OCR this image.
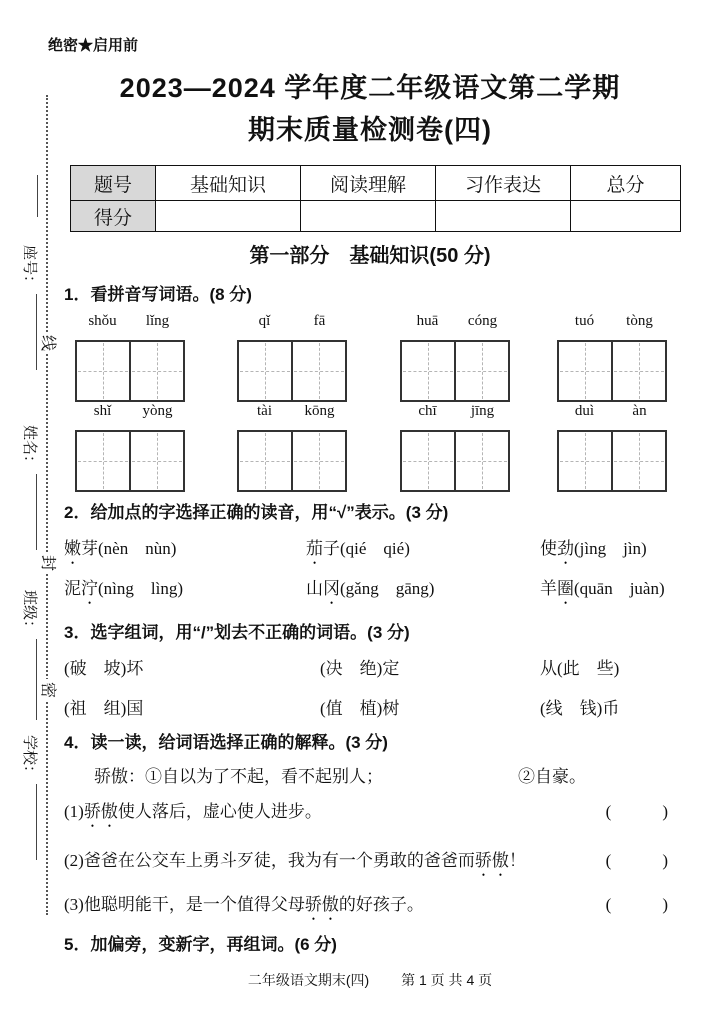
线
封
密
座号：
姓名：
班级：
学校：
绝密★启用前
2023—2024 学年度二年级语文第二学期
期末质量检测卷(四)
题号	基础知识	阅读理解	习作表达	总分
得分				
第一部分　基础知识(50 分)
1．看拼音写词语。(8 分)
shǒu	lǐng	qǐ	fā	huā	cóng	tuó	tòng
shǐ	yòng	tài	kōng	chī	jīng	duì	àn
2．给加点的字选择正确的读音，用“√”表示。(3 分)
嫩芽(nèn　nùn)	茄子(qié　qié)	使劲(jìng　jìn)
泥泞(nìng　lìng)	山冈(gǎng　gāng)	羊圈(quān　juàn)
3．选字组词，用“/”划去不正确的词语。(3 分)
(破　坡)坏	(决　绝)定	从(此　些)
(祖　组)国	(值　植)树	(线　钱)币
4．读一读，给词语选择正确的解释。(3 分)
骄傲：①自以为了不起，看不起别人；	②自豪。
(1)骄傲使人落后，虚心使人进步。	(　　　)
(2)爸爸在公交车上勇斗歹徒，我为有一个勇敢的爸爸而骄傲！	(　　　)
(3)他聪明能干，是一个值得父母骄傲的好孩子。	(　　　)
5．加偏旁，变新字，再组词。(6 分)
二年级语文期末(四) 第 1 页 共 4 页
